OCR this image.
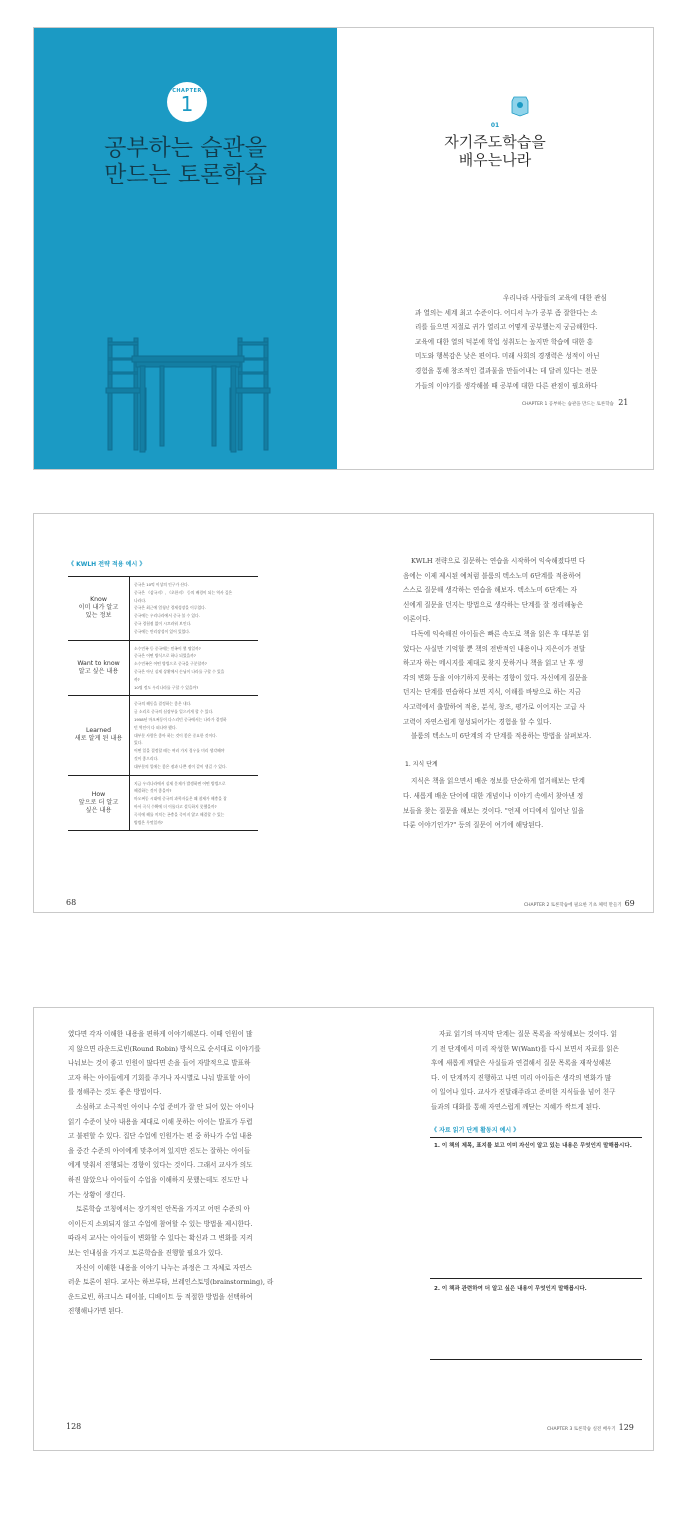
CHAPTER
1
공부하는 습관을
만드는 토론학습
01
자기주도학습을
배우는나라
우리나라 사람들의 교육에 대한 관심
과 열의는 세계 최고 수준이다. 어디서 누가 공부 좀 잘한다는 소
리를 들으면 저절로 귀가 열리고 어떻게 공부했는지 궁금해한다.
교육에 대한 열의 덕분에 학업 성취도는 높지만 학습에 대한 흥
미도와 행복감은 낮은 편이다. 미래 사회의 경쟁력은 성적이 아닌
경험을 통해 창조적인 결과물을 만들어내는 데 달려 있다는 전문
가들의 이야기를 생각해볼 때 공부에 대한 다른 관점이 필요하다
CHAPTER 1 공부하는 습관을 만드는 토론학습 21
《 KWLH 전략 적용 예시 》
Know
이미 내가 알고
있는 정보
중국은 10억 이상의 인구가 산다.
중국은 《삼국지》, 《초한지》 등의 배경이 되는 역사 깊은
나라다.
중국은 최근에 엄청난 경제성장을 이루었다.
중국에는 우리나라에서 중국 볼 수 있다.
중국 경험점 없이 시끄러워 보인다.
중국에는 만리장성이 있어 있었다.
Want to know
알고 싶은 내용
소수민족 등 중국에는 민족이 몇 명일까?
중국은 어떤 방식으로 하나 되었을까?
소수민족은 어떤 방법으로 중국을 구분할까?
중국은 아닌 실제 상황에서 손님이 나라를 구할 수 있을
까?
10명 정도 우리나라를 구할 수 있을까?
Learned
새로 알게 된 내용
중국의 해동을 결정하는 좋은 내다.
글 소리로 중국의 심장부를 일으키게 할 수 있다.
1958년 마오쩌둥이 다스리던 중국에서는 나라가 결정하
던 역인이 다 떠나야 했다.
대부분 사람은 좋아 하는 것이 좋은 중요한 것이다.
있다.
어떤 일을 결정할 때는 여러 가지 경우를 미리 생각해야
것이 좋으리다.
대부분의 일에는 좋은 점과 나쁜 점이 같이 생길 수 있다.
How
앞으로 더 알고
싶은 내용
지금 우리나라에서 실제 문제가 발생하면 어떤 방법으로
해결하는 것이 좋을까?
마오쩌둥 시대에 중국의 과학자들은 왜 참새가 해충을 잡
아서 곡식 수확에 더 이롭다고 설득하지 못했을까?
곡식에 해를 끼치는 곤충을 죽이지 않고 해결할 수 있는
방법은 무엇일까?
KWLH 전략으로 질문하는 연습을 시작하여 익숙해졌다면 다
음에는 이제 제시된 예처럼 블룸의 텍소노미 6단계를 적용하여
스스로 질문해 생각하는 연습을 해보자. 텍소노미 6단계는 자
신에게 질문을 던지는 방법으로 생각하는 단계를 잘 정리해놓은
이론이다.
다독에 익숙해진 아이들은 빠른 속도로 책을 읽은 후 대부분 읽
었다는 사실만 기억할 뿐 책의 전반적인 내용이나 지은이가 전달
하고자 하는 메시지를 제대로 찾지 못하거나 책을 읽고 난 후 생
각의 변화 등을 이야기하지 못하는 경향이 있다. 자신에게 질문을
던지는 단계를 연습하다 보면 지식, 이해를 바탕으로 하는 지금
사고력에서 출발하여 적용, 분석, 창조, 평가로 이어지는 고급 사
고력이 자연스럽게 형성되어가는 경험을 할 수 있다.
블룸의 텍소노미 6단계의 각 단계를 적용하는 방법을 살펴보자.
1. 지식 단계
지식은 책을 읽으면서 배운 정보를 단순하게 열거해보는 단계
다. 새롭게 배운 단어에 대한 개념이나 이야기 속에서 찾아낸 정
보들을 찾는 질문을 해보는 것이다. "언제 어디에서 일어난 일을
다룬 이야기인가?" 등의 질문이 여기에 해당된다.
68	CHAPTER 2 토론학습에 필요한 기초 체력 만들기 69
였다면 각자 이해한 내용을 편하게 이야기해본다. 이때 인원이 많
지 않으면 라운드로빈(Round Robin) 방식으로 순서대로 이야기를
나눠보는 것이 좋고 인원이 많다면 손을 들어 자발적으로 발표하
고자 하는 아이들에게 기회를 주거나 자시별로 나눠 발표할 아이
를 정해주는 것도 좋은 방법이다.
소심하고 소극적인 아이나 수업 준비가 잘 안 되어 있는 아이나
읽기 수준이 낮아 내용을 제대로 이해 못하는 아이는 발표가 두렵
고 불편할 수 있다. 집단 수업에 인원가는 편 중 하나가 수업 내용
을 중간 수준의 아이에게 맞추어져 있지만 진도는 잘하는 아이들
에게 맞춰서 진행되는 경향이 있다는 것이다. 그래서 교사가 의도
하진 않았으나 아이들이 수업을 이해하지 못했는데도 진도만 나
가는 상황이 생긴다.
토론학습 코칭에서는 장기적인 안목을 가지고 어떤 수준의 아
이이든지 소외되지 않고 수업에 참여할 수 있는 방법을 제시한다.
따라서 교사는 아이들이 변화할 수 있다는 확신과 그 변화를 지켜
보는 인내심을 가지고 토론학습을 진행할 필요가 있다.
자신이 이해한 내용을 이야기 나누는 과정은 그 자체로 자연스
러운 토론이 된다. 교사는 하브루타, 브레인스토밍(brainstorming), 라
운드로빈, 하크니스 테이블, 디베이트 등 적절한 방법을 선택하여
진행해나가면 된다.
자료 읽기의 마지막 단계는 질문 목록을 작성해보는 것이다. 읽
기 전 단계에서 미리 작성한 W(Want)를 다시 보면서 자료를 읽은
후에 새롭게 깨달은 사실들과 연결해서 질문 목록을 재작성해본
다. 이 단계까지 진행하고 나면 미리 아이들은 생각의 변화가 많
이 일어나 있다. 교사가 진달래주라고 준비한 지식들을 넘어 친구
들과의 대화를 통해 자연스럽게 깨닫는 지혜가 싹트게 된다.
《 자료 읽기 단계 활동지 예시 》
1. 이 책의 제목, 표지를 보고 이미 자신이 알고 있는 내용은 무엇인지 말해봅시다.
2. 이 책과 관련하여 더 알고 싶은 내용이 무엇인지 말해봅시다.
128	CHAPTER 3 토론학습 실전 배우기 129
